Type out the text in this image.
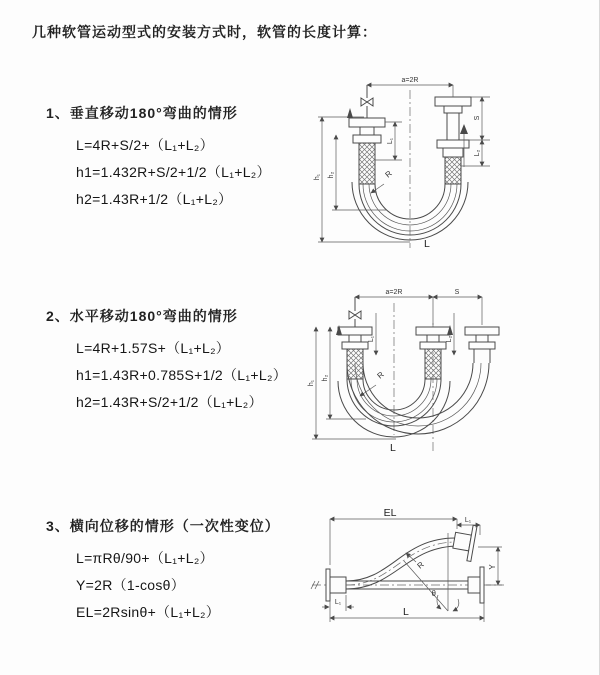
几种软管运动型式的安装方式时，软管的长度计算：

1、垂直移动180°弯曲的情形

L=4R+S/2+（L₁+L₂）

h1=1.432R+S/2+1/2（L₁+L₂）

h2=1.43R+1/2（L₁+L₂）

2、水平移动180°弯曲的情形

L=4R+1.57S+（L₁+L₂）

h1=1.43R+0.785S+1/2（L₁+L₂）

h2=1.43R+S/2+1/2（L₁+L₂）

3、横向位移的情形（一次性变位）

L=πRθ/90+（L₁+L₂）

Y=2R（1-cosθ）

EL=2Rsinθ+（L₁+L₂）

a=2R
h₁ h₂
L₁
S
L₂
R
L
a=2R	S
h₁
h₂
L₁	L₂
R
L
EL
L₁
Y
θ
R
L₁
L
